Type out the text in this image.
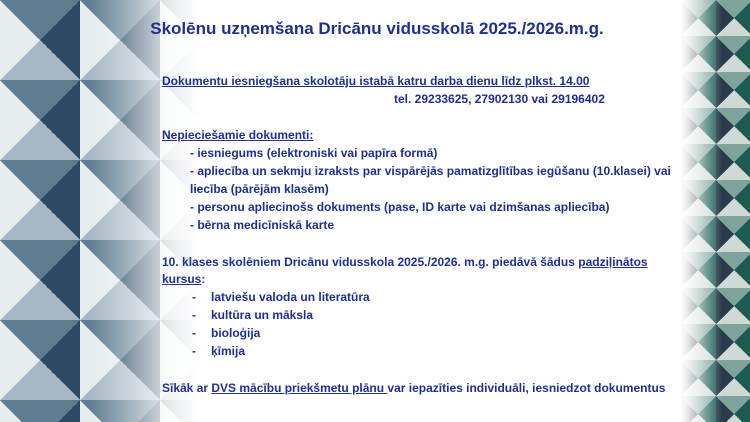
Skolēnu uzņemšana Dricānu vidusskolā 2025./2026.m.g.
Dokumentu iesniegšana skolotāju istabā katru darba dienu līdz plkst. 14.00
tel. 29233625, 27902130 vai 29196402
Nepieciešamie dokumenti:
- iesniegums (elektroniski vai papīra formā)
- apliecība un sekmju izraksts par vispārējās pamatizglītības iegūšanu (10.klasei) vai
liecība (pārējām klasēm)
- personu apliecinošs dokuments (pase, ID karte vai dzimšanas apliecība)
- bērna medicīniskā karte
10. klases skolēniem Dricānu vidusskola 2025./2026. m.g. piedāvā šādus padziļinātos
kursus:
- latviešu valoda un literatūra
- kultūra un māksla
- bioloģija
- ķīmija
Sīkāk ar DVS mācību priekšmetu plānu var iepazīties individuāli, iesniedzot dokumentus
